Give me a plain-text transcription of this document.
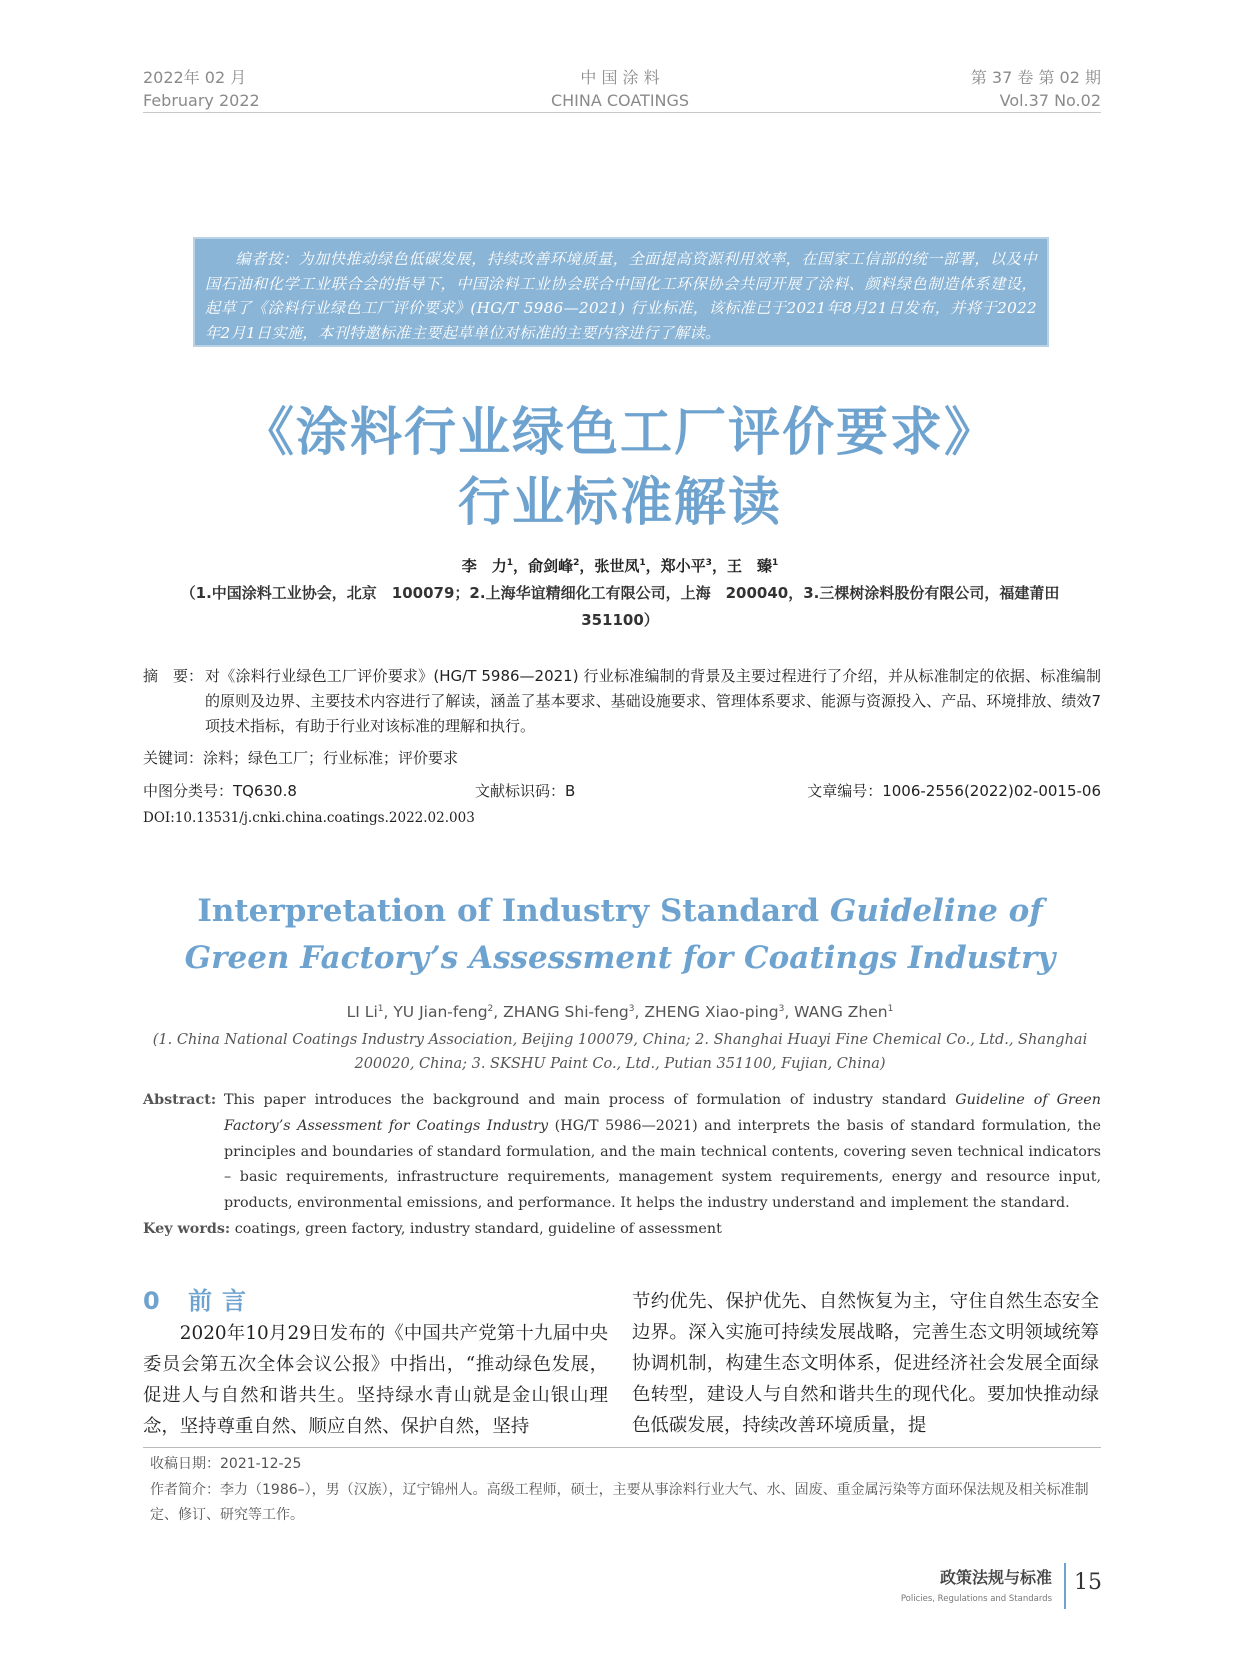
2022年 02 月
February 2022
中 国 涂 料
CHINA COATINGS
第 37 卷 第 02 期
Vol.37 No.02
编者按：为加快推动绿色低碳发展，持续改善环境质量，全面提高资源利用效率，在国家工信部的统一部署，以及中国石油和化学工业联合会的指导下，中国涂料工业协会联合中国化工环保协会共同开展了涂料、颜料绿色制造体系建设，起草了《涂料行业绿色工厂评价要求》(HG/T 5986—2021) 行业标准，该标准已于2021年8月21日发布，并将于2022年2月1日实施，本刊特邀标准主要起草单位对标准的主要内容进行了解读。
《涂料行业绿色工厂评价要求》
行业标准解读
李　力$^1$，俞剑峰$^2$，张世凤$^1$，郑小平$^3$，王　臻$^1$
（1.中国涂料工业协会，北京　100079；2.上海华谊精细化工有限公司，上海　200040，3.三棵树涂料股份有限公司，福建莆田
351100）
摘　要： 对《涂料行业绿色工厂评价要求》(HG/T 5986—2021) 行业标准编制的背景及主要过程进行了介绍，并从标准制定的依据、标准编制的原则及边界、主要技术内容进行了解读，涵盖了基本要求、基础设施要求、管理体系要求、能源与资源投入、产品、环境排放、绩效7项技术指标，有助于行业对该标准的理解和执行。
关键词：涂料；绿色工厂；行业标准；评价要求
中图分类号：TQ630.8	文献标识码：B	文章编号：1006-2556(2022)02-0015-06
DOI:10.13531/j.cnki.china.coatings.2022.02.003
Interpretation of Industry Standard Guideline of
Green Factory’s Assessment for Coatings Industry
LI Li$^1$, YU Jian-feng$^2$, ZHANG Shi-feng$^3$, ZHENG Xiao-ping$^3$, WANG Zhen$^1$
(1. China National Coatings Industry Association, Beijing 100079, China; 2. Shanghai Huayi Fine Chemical Co., Ltd., Shanghai 200020, China; 3. SKSHU Paint Co., Ltd., Putian 351100, Fujian, China)
Abstract: This paper introduces the background and main process of formulation of industry standard Guideline of Green Factory’s Assessment for Coatings Industry (HG/T 5986—2021) and interprets the basis of standard formulation, the principles and boundaries of standard formulation, and the main technical contents, covering seven technical indicators – basic requirements, infrastructure requirements, management system requirements, energy and resource input, products, environmental emissions, and performance. It helps the industry understand and implement the standard.
Key words: coatings, green factory, industry standard, guideline of assessment
0 前言
2020年10月29日发布的《中国共产党第十九届中央委员会第五次全体会议公报》中指出，“推动绿色发展，促进人与自然和谐共生。坚持绿水青山就是金山银山理念，坚持尊重自然、顺应自然、保护自然，坚持
节约优先、保护优先、自然恢复为主，守住自然生态安全边界。深入实施可持续发展战略，完善生态文明领域统筹协调机制，构建生态文明体系，促进经济社会发展全面绿色转型，建设人与自然和谐共生的现代化。要加快推动绿色低碳发展，持续改善环境质量，提
收稿日期：2021-12-25
作者简介：李力（1986–），男（汉族），辽宁锦州人。高级工程师，硕士，主要从事涂料行业大气、水、固废、重金属污染等方面环保法规及相关标准制定、修订、研究等工作。
政策法规与标准
Policies, Regulations and Standards
15
